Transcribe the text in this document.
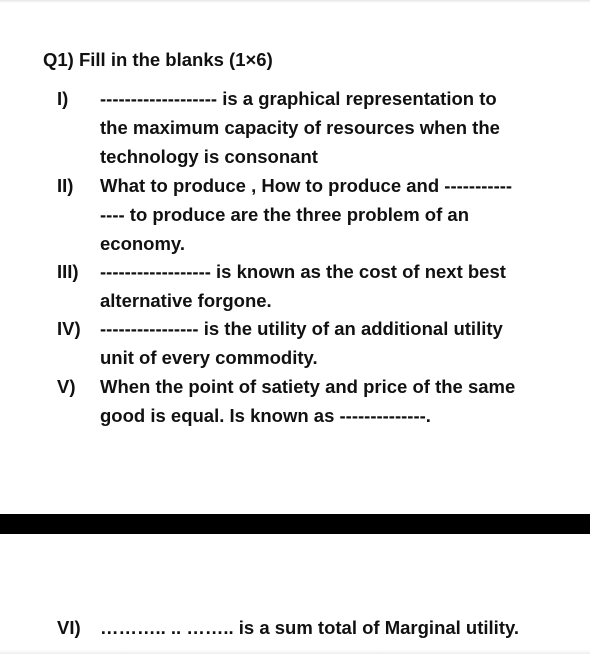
Q1) Fill in the blanks (1×6)
I)	------------------- is a graphical representation to
the maximum capacity of resources when the
technology is consonant
II)	What to produce , How to produce and -----------
---- to produce are the three problem of an
economy.
III)	------------------ is known as the cost of next best
alternative forgone.
IV)	---------------- is the utility of an additional utility
unit of every commodity.
V)	When the point of satiety and price of the same
good is equal. Is known as --------------.
VI)	……….. .. …….. is a sum total of Marginal utility.
